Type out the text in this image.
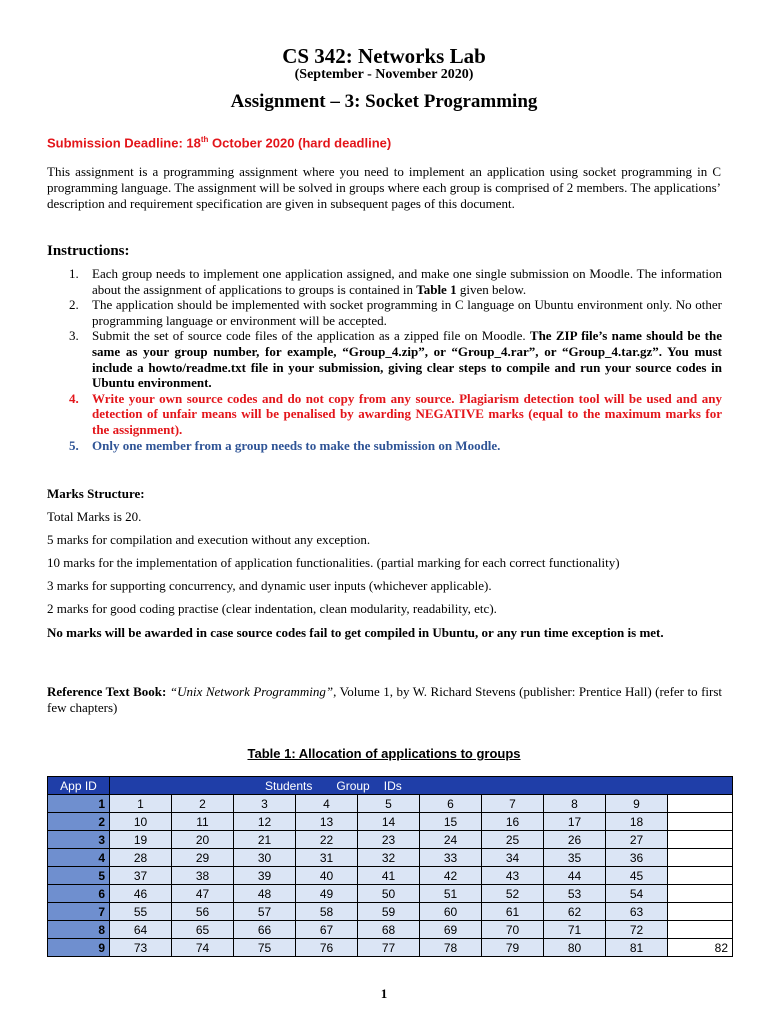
CS 342: Networks Lab
(September - November 2020)
Assignment – 3: Socket Programming
Submission Deadline: 18th October 2020 (hard deadline)

This assignment is a programming assignment where you need to implement an application using socket programming in C programming language. The assignment will be solved in groups where each group is comprised of 2 members. The applications’ description and requirement specification are given in subsequent pages of this document.

Instructions:
1. Each group needs to implement one application assigned, and make one single submission on Moodle. The information about the assignment of applications to groups is contained in Table 1 given below.
2. The application should be implemented with socket programming in C language on Ubuntu environment only. No other programming language or environment will be accepted.
3. Submit the set of source code files of the application as a zipped file on Moodle. The ZIP file’s name should be the same as your group number, for example, “Group_4.zip”, or “Group_4.rar”, or “Group_4.tar.gz”. You must include a howto/readme.txt file in your submission, giving clear steps to compile and run your source codes in Ubuntu environment.
4. Write your own source codes and do not copy from any source. Plagiarism detection tool will be used and any detection of unfair means will be penalised by awarding NEGATIVE marks (equal to the maximum marks for the assignment).
5. Only one member from a group needs to make the submission on Moodle.

Marks Structure:

Total Marks is 20.

5 marks for compilation and execution without any exception.

10 marks for the implementation of application functionalities. (partial marking for each correct functionality)

3 marks for supporting concurrency, and dynamic user inputs (whichever applicable).

2 marks for good coding practise (clear indentation, clean modularity, readability, etc).

No marks will be awarded in case source codes fail to get compiled in Ubuntu, or any run time exception is met.

Reference Text Book: “Unix Network Programming”, Volume 1, by W. Richard Stevens (publisher: Prentice Hall) (refer to first few chapters)

Table 1: Allocation of applications to groups
App ID	Students Group IDs									
1	1	2	3	4	5	6	7	8	9	
2	10	11	12	13	14	15	16	17	18	
3	19	20	21	22	23	24	25	26	27	
4	28	29	30	31	32	33	34	35	36	
5	37	38	39	40	41	42	43	44	45	
6	46	47	48	49	50	51	52	53	54	
7	55	56	57	58	59	60	61	62	63	
8	64	65	66	67	68	69	70	71	72	
9	73	74	75	76	77	78	79	80	81	82
1
